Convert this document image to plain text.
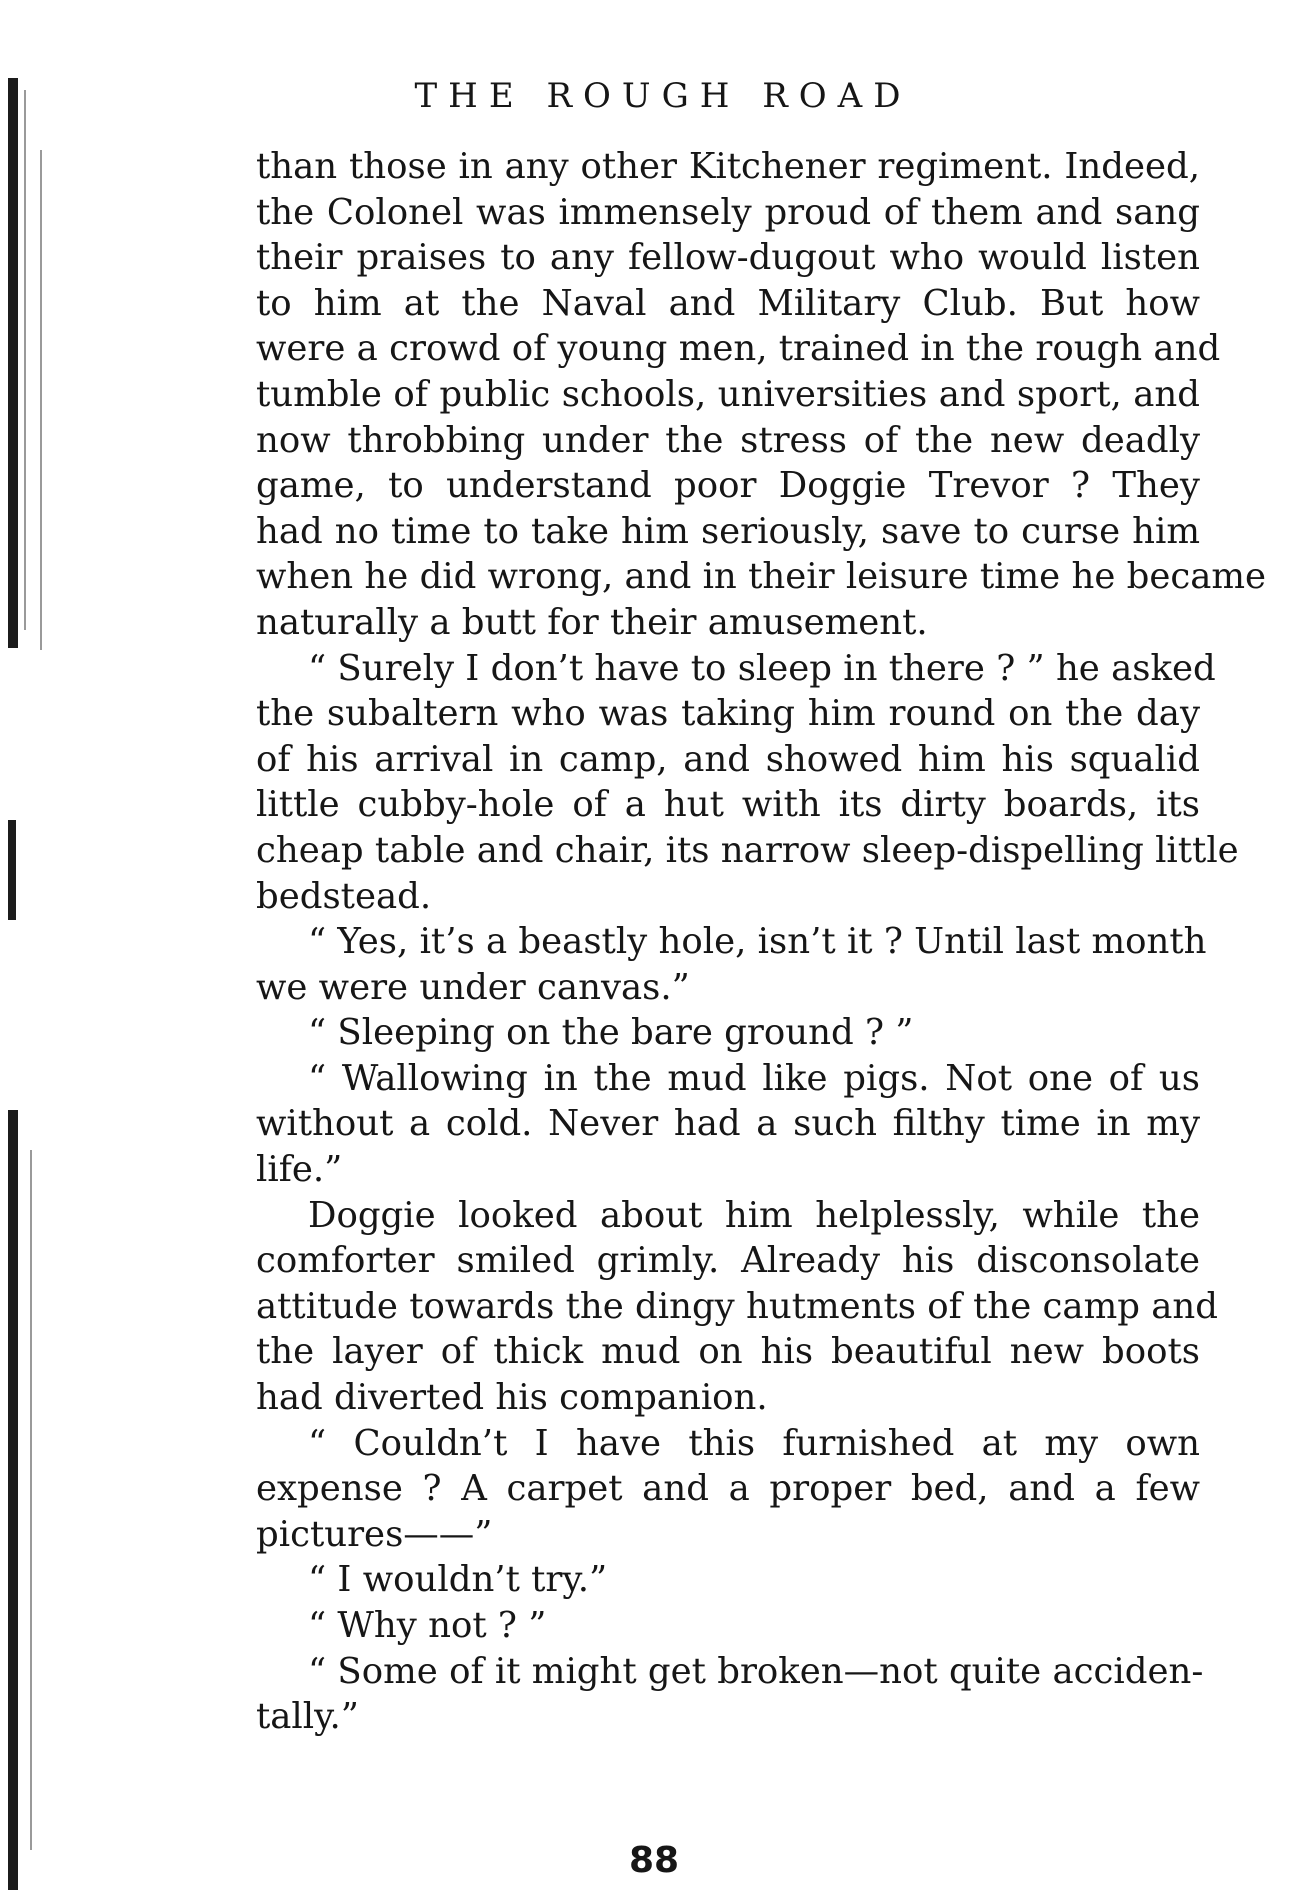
THE ROUGH ROAD
than those in any other Kitchener regiment. Indeed,
the Colonel was immensely proud of them and sang
their praises to any fellow-dugout who would listen
to him at the Naval and Military Club. But how
were a crowd of young men, trained in the rough and
tumble of public schools, universities and sport, and
now throbbing under the stress of the new deadly
game, to understand poor Doggie Trevor ? They
had no time to take him seriously, save to curse him
when he did wrong, and in their leisure time he became
naturally a butt for their amusement.
“ Surely I don’t have to sleep in there ? ” he asked
the subaltern who was taking him round on the day
of his arrival in camp, and showed him his squalid
little cubby-hole of a hut with its dirty boards, its
cheap table and chair, its narrow sleep-dispelling little
bedstead.
“ Yes, it’s a beastly hole, isn’t it ? Until last month
we were under canvas.”
“ Sleeping on the bare ground ? ”
“ Wallowing in the mud like pigs. Not one of us
without a cold. Never had a such filthy time in my
life.”
Doggie looked about him helplessly, while the
comforter smiled grimly. Already his disconsolate
attitude towards the dingy hutments of the camp and
the layer of thick mud on his beautiful new boots
had diverted his companion.
“ Couldn’t I have this furnished at my own
expense ? A carpet and a proper bed, and a few
pictures——”
“ I wouldn’t try.”
“ Why not ? ”
“ Some of it might get broken—not quite acciden-
tally.”
88
